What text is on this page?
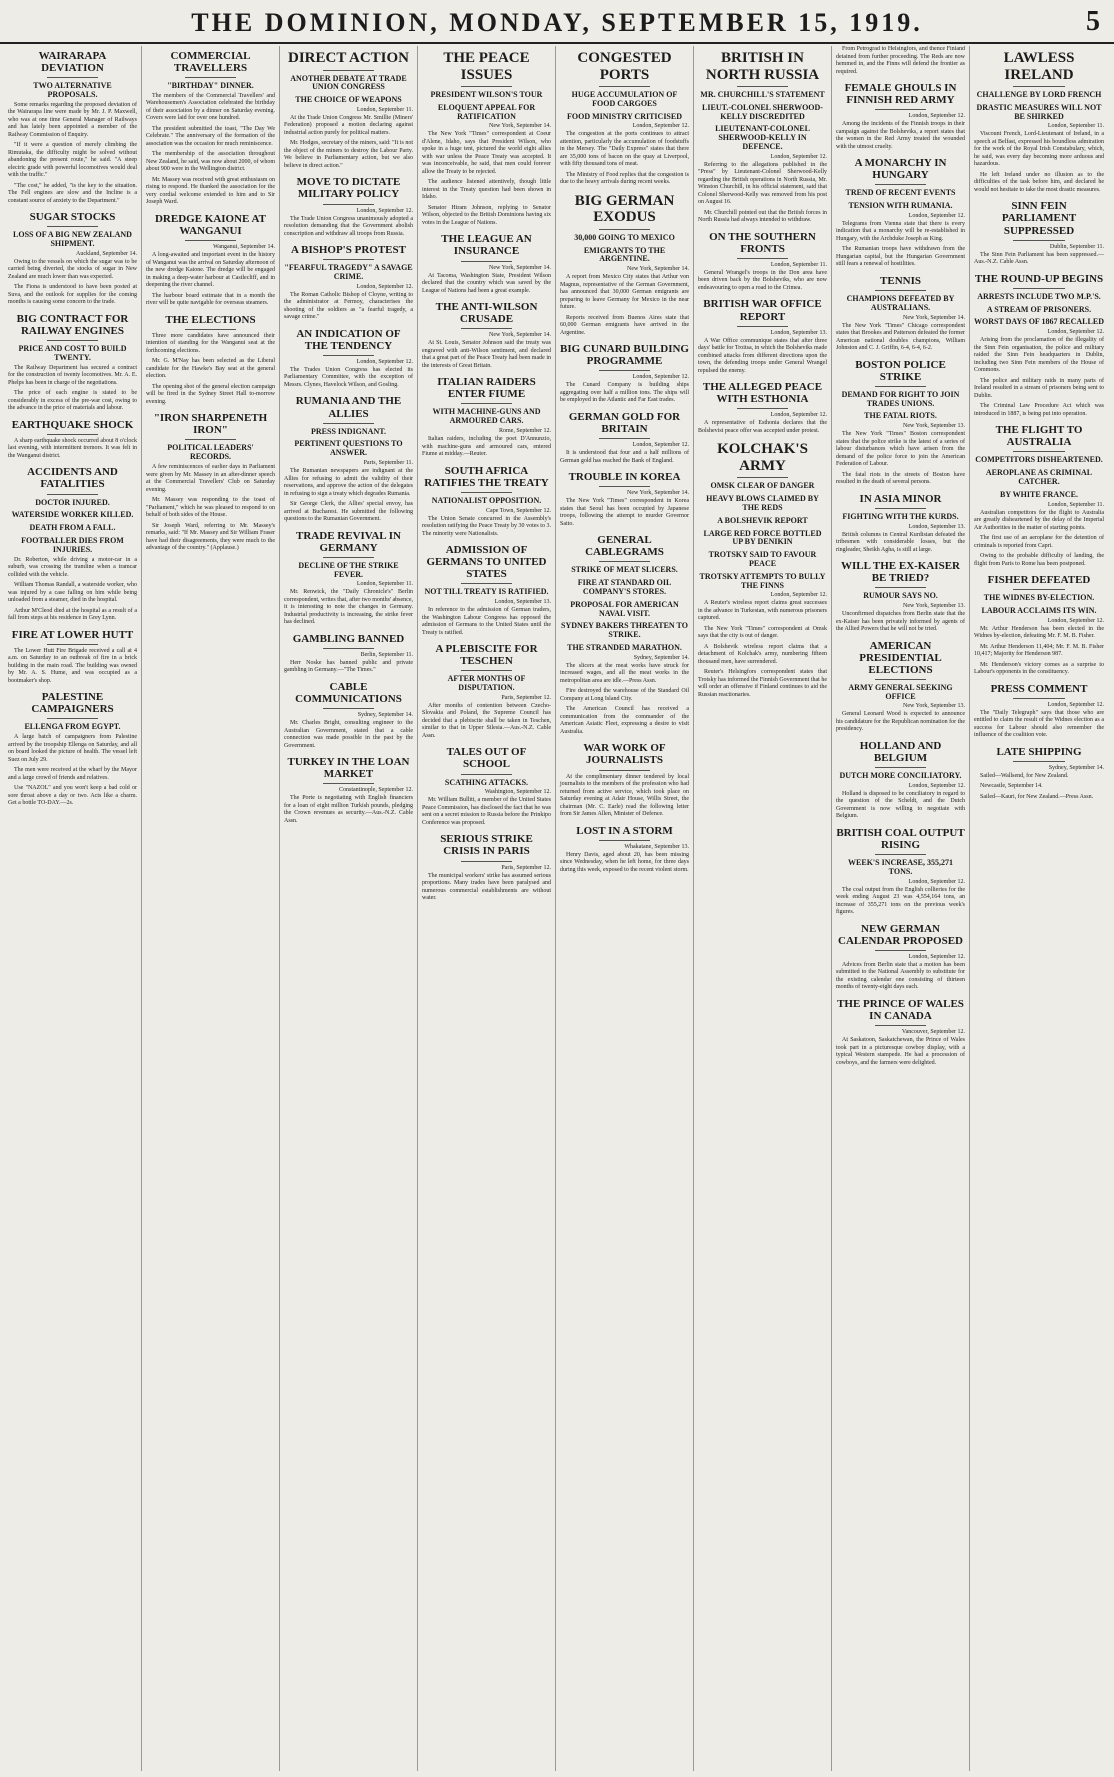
THE DOMINION, MONDAY, SEPTEMBER 15, 1919.	5
WAIRARAPA DEVIATION
TWO ALTERNATIVE PROPOSALS.

Some remarks regarding the proposed deviation of the Wairarapa line were made by Mr. J. P. Maxwell, who was at one time General Manager of Railways and has lately been appointed a member of the Railway Commission of Enquiry.

"If it were a question of merely climbing the Rimutaka, the difficulty might be solved without abandoning the present route," he said. "A steep electric grade with powerful locomotives would deal with the traffic."

"The cost," he added, "is the key to the situation. The Fell engines are slow and the Incline is a constant source of anxiety to the Department."

SUGAR STOCKS
LOSS OF A BIG NEW ZEALAND SHIPMENT.
Auckland, September 14.

Owing to the vessels on which the sugar was to be carried being diverted, the stocks of sugar in New Zealand are much lower than was expected.

The Fiona is understood to have been posted at Suva, and the outlook for supplies for the coming months is causing some concern to the trade.

BIG CONTRACT FOR RAILWAY ENGINES
PRICE AND COST TO BUILD TWENTY.

The Railway Department has secured a contract for the construction of twenty locomotives. Mr. A. E. Phelps has been in charge of the negotiations.

The price of each engine is stated to be considerably in excess of the pre-war cost, owing to the advance in the price of materials and labour.

EARTHQUAKE SHOCK

A sharp earthquake shock occurred about 8 o'clock last evening, with intermittent tremors. It was felt in the Wanganui district.

ACCIDENTS AND FATALITIES
DOCTOR INJURED.
WATERSIDE WORKER KILLED.
DEATH FROM A FALL.
FOOTBALLER DIES FROM INJURIES.

Dr. Roberton, while driving a motor-car in a suburb, was crossing the tramline when a tramcar collided with the vehicle.

William Thomas Randall, a waterside worker, who was injured by a case falling on him while being unloaded from a steamer, died in the hospital.

Arthur M'Cleod died at the hospital as a result of a fall from steps at his residence in Grey Lynn.

FIRE AT LOWER HUTT

The Lower Hutt Fire Brigade received a call at 4 a.m. on Saturday to an outbreak of fire in a brick building in the main road. The building was owned by Mr. A. S. Hume, and was occupied as a bootmaker's shop.

PALESTINE CAMPAIGNERS
ELLENGA FROM EGYPT.

A large batch of campaigners from Palestine arrived by the troopship Ellenga on Saturday, and all on board looked the picture of health. The vessel left Suez on July 29.

The men were received at the wharf by the Mayor and a large crowd of friends and relatives.

Use "NAZOL" and you won't keep a bad cold or sore throat above a day or two. Acts like a charm. Get a bottle TO-DAY.—2s.

COMMERCIAL TRAVELLERS
"BIRTHDAY" DINNER.

The members of the Commercial Travellers' and Warehousemen's Association celebrated the birthday of their association by a dinner on Saturday evening. Covers were laid for over one hundred.

The president submitted the toast, "The Day We Celebrate." The anniversary of the formation of the association was the occasion for much reminiscence.

The membership of the association throughout New Zealand, he said, was now about 2000, of whom about 900 were in the Wellington district.

Mr. Massey was received with great enthusiasm on rising to respond. He thanked the association for the very cordial welcome extended to him and to Sir Joseph Ward.

DREDGE KAIONE AT WANGANUI
Wanganui, September 14.

A long-awaited and important event in the history of Wanganui was the arrival on Saturday afternoon of the new dredge Kaione. The dredge will be engaged in making a deep-water harbour at Castlecliff, and in deepening the river channel.

The harbour board estimate that in a month the river will be quite navigable for overseas steamers.

THE ELECTIONS

Three more candidates have announced their intention of standing for the Wanganui seat at the forthcoming elections.

Mr. G. M'Nay has been selected as the Liberal candidate for the Hawke's Bay seat at the general election.

The opening shot of the general election campaign will be fired in the Sydney Street Hall to-morrow evening.

"IRON SHARPENETH IRON"
POLITICAL LEADERS' RECORDS.

A few reminiscences of earlier days in Parliament were given by Mr. Massey in an after-dinner speech at the Commercial Travellers' Club on Saturday evening.

Mr. Massey was responding to the toast of "Parliament," which he was pleased to respond to on behalf of both sides of the House.

Sir Joseph Ward, referring to Mr. Massey's remarks, said: "If Mr. Massey and Sir William Fraser have had their disagreements, they were much to the advantage of the country." (Applause.)

DIRECT ACTION
ANOTHER DEBATE AT TRADE UNION CONGRESS
THE CHOICE OF WEAPONS
London, September 11.

At the Trade Union Congress Mr. Smillie (Miners' Federation) proposed a motion declaring against industrial action purely for political matters.

Mr. Hodges, secretary of the miners, said: "It is not the object of the miners to destroy the Labour Party. We believe in Parliamentary action, but we also believe in direct action."

MOVE TO DICTATE MILITARY POLICY
London, September 12.

The Trade Union Congress unanimously adopted a resolution demanding that the Government abolish conscription and withdraw all troops from Russia.

A BISHOP'S PROTEST
"FEARFUL TRAGEDY" A SAVAGE CRIME.
London, September 12.

The Roman Catholic Bishop of Cloyne, writing to the administrator at Fermoy, characterises the shooting of the soldiers as "a fearful tragedy, a savage crime."

AN INDICATION OF THE TENDENCY
London, September 12.

The Trades Union Congress has elected its Parliamentary Committee, with the exception of Messrs. Clynes, Havelock Wilson, and Gosling.

RUMANIA AND THE ALLIES
PRESS INDIGNANT.
PERTINENT QUESTIONS TO ANSWER.
Paris, September 11.

The Rumanian newspapers are indignant at the Allies for refusing to admit the validity of their reservations, and approve the action of the delegates in refusing to sign a treaty which degrades Rumania.

Sir George Clerk, the Allies' special envoy, has arrived at Bucharest. He submitted the following questions to the Rumanian Government.

TRADE REVIVAL IN GERMANY
DECLINE OF THE STRIKE FEVER.
London, September 11.

Mr. Renwick, the "Daily Chronicle's" Berlin correspondent, writes that, after two months' absence, it is interesting to note the changes in Germany. Industrial productivity is increasing, the strike fever has declined.

GAMBLING BANNED
Berlin, September 11.

Herr Noske has banned public and private gambling in Germany.—"The Times."

CABLE COMMUNICATIONS
Sydney, September 14.

Mr. Charles Bright, consulting engineer to the Australian Government, stated that a cable connection was made possible in the past by the Government.

TURKEY IN THE LOAN MARKET
Constantinople, September 12.

The Porte is negotiating with English financiers for a loan of eight million Turkish pounds, pledging the Crown revenues as security.—Aus.-N.Z. Cable Assn.

THE PEACE ISSUES
PRESIDENT WILSON'S TOUR
ELOQUENT APPEAL FOR RATIFICATION
New York, September 14.

The New York "Times" correspondent at Coeur d'Alene, Idaho, says that President Wilson, who spoke in a huge tent, pictured the world eight allies with war unless the Peace Treaty was accepted. It was inconceivable, he said, that men could forever allow the Treaty to be rejected.

The audience listened attentively, though little interest in the Treaty question had been shown in Idaho.

Senator Hiram Johnson, replying to Senator Wilson, objected to the British Dominions having six votes in the League of Nations.

THE LEAGUE AN INSURANCE
New York, September 14.

At Tacoma, Washington State, President Wilson declared that the country which was saved by the League of Nations had been a great example.

THE ANTI-WILSON CRUSADE
New York, September 14.

At St. Louis, Senator Johnson said the treaty was engraved with anti-Wilson sentiment, and declared that a great part of the Peace Treaty had been made in the interests of Great Britain.

ITALIAN RAIDERS ENTER FIUME
WITH MACHINE-GUNS AND ARMOURED CARS.
Rome, September 12.

Italian raiders, including the poet D'Annunzio, with machine-guns and armoured cars, entered Fiume at midday.—Reuter.

SOUTH AFRICA RATIFIES THE TREATY
NATIONALIST OPPOSITION.
Cape Town, September 12.

The Union Senate concurred in the Assembly's resolution ratifying the Peace Treaty by 30 votes to 3. The minority were Nationalists.

ADMISSION OF GERMANS TO UNITED STATES
NOT TILL TREATY IS RATIFIED.
London, September 13.

In reference to the admission of German traders, the Washington Labour Congress has opposed the admission of Germans to the United States until the Treaty is ratified.

A PLEBISCITE FOR TESCHEN
AFTER MONTHS OF DISPUTATION.
Paris, September 12.

After months of contention between Czecho-Slovakia and Poland, the Supreme Council has decided that a plebiscite shall be taken in Teschen, similar to that in Upper Silesia.—Aus.-N.Z. Cable Assn.

TALES OUT OF SCHOOL
SCATHING ATTACKS.
Washington, September 12.

Mr. William Bullitt, a member of the United States Peace Commission, has disclosed the fact that he was sent on a secret mission to Russia before the Prinkipo Conference was proposed.

SERIOUS STRIKE CRISIS IN PARIS
Paris, September 12.

The municipal workers' strike has assumed serious proportions. Many trades have been paralysed and numerous commercial establishments are without water.

CONGESTED PORTS
HUGE ACCUMULATION OF FOOD CARGOES
FOOD MINISTRY CRITICISED
London, September 12.

The congestion at the ports continues to attract attention, particularly the accumulation of foodstuffs in the Mersey. The "Daily Express" states that there are 35,000 tons of bacon on the quay at Liverpool, with fifty thousand tons of meat.

The Ministry of Food replies that the congestion is due to the heavy arrivals during recent weeks.

BIG GERMAN EXODUS
30,000 GOING TO MEXICO
EMIGRANTS TO THE ARGENTINE.
New York, September 14.

A report from Mexico City states that Arthur von Magnus, representative of the German Government, has announced that 30,000 German emigrants are preparing to leave Germany for Mexico in the near future.

Reports received from Buenos Aires state that 60,000 German emigrants have arrived in the Argentine.

BIG CUNARD BUILDING PROGRAMME
London, September 12.

The Cunard Company is building ships aggregating over half a million tons. The ships will be employed in the Atlantic and Far East trades.

GERMAN GOLD FOR BRITAIN
London, September 12.

It is understood that four and a half millions of German gold has reached the Bank of England.

TROUBLE IN KOREA
New York, September 14.

The New York "Times" correspondent in Korea states that Seoul has been occupied by Japanese troops, following the attempt to murder Governor Saito.

GENERAL CABLEGRAMS
STRIKE OF MEAT SLICERS.
FIRE AT STANDARD OIL COMPANY'S STORES.
PROPOSAL FOR AMERICAN NAVAL VISIT.
SYDNEY BAKERS THREATEN TO STRIKE.
THE STRANDED MARATHON.
Sydney, September 14.

The slicers at the meat works have struck for increased wages, and all the meat works in the metropolitan area are idle.—Press Assn.

Fire destroyed the warehouse of the Standard Oil Company at Long Island City.

The American Council has received a communication from the commander of the American Asiatic Fleet, expressing a desire to visit Australia.

WAR WORK OF JOURNALISTS

At the complimentary dinner tendered by local journalists to the members of the profession who had returned from active service, which took place on Saturday evening at Adair House, Willis Street, the chairman (Mr. C. Earle) read the following letter from Sir James Allen, Minister of Defence.

LOST IN A STORM
Whakatane, September 13.

Henry Davis, aged about 20, has been missing since Wednesday, when he left home, for three days during this week, exposed to the recent violent storm.

BRITISH IN NORTH RUSSIA
MR. CHURCHILL'S STATEMENT
LIEUT.-COLONEL SHERWOOD-KELLY DISCREDITED
LIEUTENANT-COLONEL SHERWOOD-KELLY IN DEFENCE.
London, September 12.

Referring to the allegations published in the "Press" by Lieutenant-Colonel Sherwood-Kelly regarding the British operations in North Russia, Mr. Winston Churchill, in his official statement, said that Colonel Sherwood-Kelly was removed from his post on August 16.

Mr. Churchill pointed out that the British forces in North Russia had always intended to withdraw.

ON THE SOUTHERN FRONTS
London, September 11.

General Wrangel's troops in the Don area have been driven back by the Bolsheviks, who are now endeavouring to open a road to the Crimea.

BRITISH WAR OFFICE REPORT
London, September 13.

A War Office communique states that after three days' battle for Troitsa, in which the Bolsheviks made combined attacks from different directions upon the town, the defending troops under General Wrangel repulsed the enemy.

THE ALLEGED PEACE WITH ESTHONIA
London, September 12.

A representative of Esthonia declares that the Bolshevist peace offer was accepted under protest.

KOLCHAK'S ARMY
OMSK CLEAR OF DANGER
HEAVY BLOWS CLAIMED BY THE REDS
A BOLSHEVIK REPORT
LARGE RED FORCE BOTTLED UP BY DENIKIN
TROTSKY SAID TO FAVOUR PEACE
TROTSKY ATTEMPTS TO BULLY THE FINNS
London, September 12.

A Reuter's wireless report claims great successes in the advance in Turkestan, with numerous prisoners captured.

The New York "Times" correspondent at Omsk says that the city is out of danger.

A Bolshevik wireless report claims that a detachment of Kolchak's army, numbering fifteen thousand men, have surrendered.

Reuter's Helsingfors correspondent states that Trotsky has informed the Finnish Government that he will order an offensive if Finland continues to aid the Russian reactionaries.

From Petrograd to Helsingfors, and thence Finland detained from further proceeding. The Reds are now hemmed in, and the Finns will defend the frontier as required.

FEMALE GHOULS IN FINNISH RED ARMY
London, September 12.

Among the incidents of the Finnish troops in their campaign against the Bolsheviks, a report states that the women in the Red Army treated the wounded with the utmost cruelty.

A MONARCHY IN HUNGARY
TREND OF RECENT EVENTS
TENSION WITH RUMANIA.
London, September 12.

Telegrams from Vienna state that there is every indication that a monarchy will be re-established in Hungary, with the Archduke Joseph as King.

The Rumanian troops have withdrawn from the Hungarian capital, but the Hungarian Government still fears a renewal of hostilities.

TENNIS
CHAMPIONS DEFEATED BY AUSTRALIANS.
New York, September 14.

The New York "Times" Chicago correspondent states that Brookes and Patterson defeated the former American national doubles champions, William Johnston and C. J. Griffin, 6-4, 6-4, 6-2.

BOSTON POLICE STRIKE
DEMAND FOR RIGHT TO JOIN TRADES UNIONS.
THE FATAL RIOTS.
New York, September 13.

The New York "Times" Boston correspondent states that the police strike is the latest of a series of labour disturbances which have arisen from the demand of the police force to join the American Federation of Labour.

The fatal riots in the streets of Boston have resulted in the death of several persons.

IN ASIA MINOR
FIGHTING WITH THE KURDS.
London, September 13.

British columns in Central Kurdistan defeated the tribesmen with considerable losses, but the ringleader, Sheikh Agha, is still at large.

WILL THE EX-KAISER BE TRIED?
RUMOUR SAYS NO.
New York, September 13.

Unconfirmed dispatches from Berlin state that the ex-Kaiser has been privately informed by agents of the Allied Powers that he will not be tried.

AMERICAN PRESIDENTIAL ELECTIONS
ARMY GENERAL SEEKING OFFICE
New York, September 13.

General Leonard Wood is expected to announce his candidature for the Republican nomination for the presidency.

HOLLAND AND BELGIUM
DUTCH MORE CONCILIATORY.
London, September 12.

Holland is disposed to be conciliatory in regard to the question of the Scheldt, and the Dutch Government is now willing to negotiate with Belgium.

BRITISH COAL OUTPUT RISING
WEEK'S INCREASE, 355,271 TONS.
London, September 12.

The coal output from the English collieries for the week ending August 23 was 4,554,164 tons, an increase of 355,271 tons on the previous week's figures.

NEW GERMAN CALENDAR PROPOSED
London, September 12.

Advices from Berlin state that a motion has been submitted to the National Assembly to substitute for the existing calendar one consisting of thirteen months of twenty-eight days each.

THE PRINCE OF WALES IN CANADA
Vancouver, September 12.

At Saskatoon, Saskatchewan, the Prince of Wales took part in a picturesque cowboy display, with a typical Western stampede. He had a procession of cowboys, and the farmers were delighted.

LAWLESS IRELAND
CHALLENGE BY LORD FRENCH
DRASTIC MEASURES WILL NOT BE SHIRKED
London, September 11.

Viscount French, Lord-Lieutenant of Ireland, in a speech at Belfast, expressed his boundless admiration for the work of the Royal Irish Constabulary, which, he said, was every day becoming more arduous and hazardous.

He left Ireland under no illusion as to the difficulties of the task before him, and declared he would not hesitate to take the most drastic measures.

SINN FEIN PARLIAMENT SUPPRESSED
Dublin, September 11.

The Sinn Fein Parliament has been suppressed.—Aus.-N.Z. Cable Assn.

THE ROUND-UP BEGINS
ARRESTS INCLUDE TWO M.P.'S.
A STREAM OF PRISONERS.
WORST DAYS OF 1867 RECALLED
London, September 12.

Arising from the proclamation of the illegality of the Sinn Fein organisation, the police and military raided the Sinn Fein headquarters in Dublin, including two Sinn Fein members of the House of Commons.

The police and military raids in many parts of Ireland resulted in a stream of prisoners being sent to Dublin.

The Criminal Law Procedure Act which was introduced in 1887, is being put into operation.

THE FLIGHT TO AUSTRALIA
COMPETITORS DISHEARTENED.
AEROPLANE AS CRIMINAL CATCHER.
BY WHITE FRANCE.
London, September 11.

Australian competitors for the flight to Australia are greatly disheartened by the delay of the Imperial Air Authorities in the matter of starting points.

The first use of an aeroplane for the detention of criminals is reported from Capri.

Owing to the probable difficulty of landing, the flight from Paris to Rome has been postponed.

FISHER DEFEATED
THE WIDNES BY-ELECTION.
LABOUR ACCLAIMS ITS WIN.
London, September 12.

Mr. Arthur Henderson has been elected in the Widnes by-election, defeating Mr. F. M. B. Fisher.

Mr. Arthur Henderson 11,404; Mr. F. M. B. Fisher 10,417; Majority for Henderson 987.

Mr. Henderson's victory comes as a surprise to Labour's opponents in the constituency.

PRESS COMMENT
London, September 12.

The "Daily Telegraph" says that those who are entitled to claim the result of the Widnes election as a success for Labour should also remember the influence of the coalition vote.

LATE SHIPPING
Sydney, September 14.

Sailed—Wallsend, for New Zealand.

Newcastle, September 14.

Sailed—Kauri, for New Zealand.—Press Assn.
